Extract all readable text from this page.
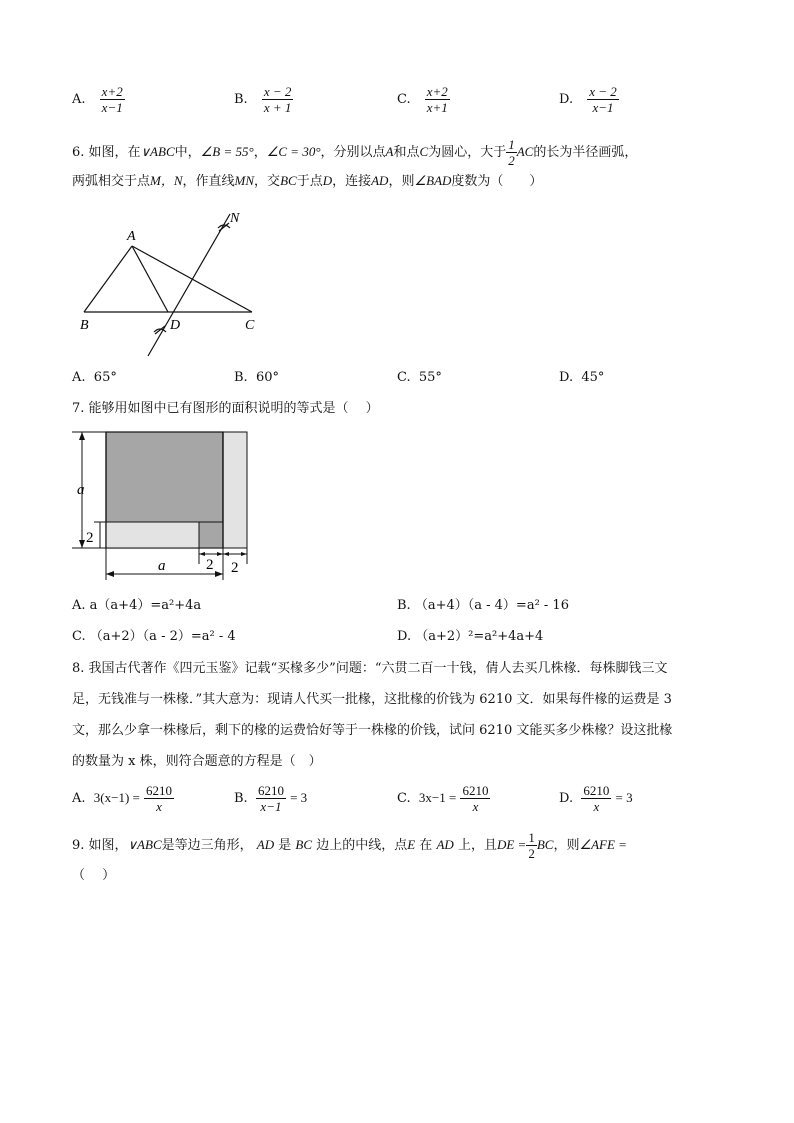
A. $\frac{x+2}{x-1}$	B. $\frac{x - 2}{x + 1}$	C. $\frac{x+2}{x+1}$	D. $\frac{x - 2}{x-1}$
6. 如图，在∨ABC中，∠B = 55°，∠C = 30°，分别以点A和点C为圆心，大于 $\frac{1}{2}$ AC的长为半径画弧，
两弧相交于点M，N，作直线MN，交BC于点D，连接AD，则∠BAD度数为（　　）
A
B	C
D
N
A. 65°	B. 60°	C. 55°	D. 45°
7. 能够用如图中已有图形的面积说明的等式是（　 ）
a
2
2 2
a
A. a（a+4）=a²+4a	B. （a+4）（a - 4）=a² - 16
C. （a+2）（a - 2）=a² - 4	D. （a+2）²=a²+4a+4
8. 我国古代著作《四元玉鉴》记载“买椽多少”问题：“六贯二百一十钱，倩人去买几株椽．每株脚钱三文
足，无钱准与一株椽．”其大意为：现请人代买一批椽，这批椽的价钱为 6210 文．如果每件椽的运费是 3
文，那么少拿一株椽后，剩下的椽的运费恰好等于一株椽的价钱，试问 6210 文能买多少株椽？设这批椽
的数量为 x 株，则符合题意的方程是（　）
A. $3(x-1) = \frac{6210}{x}$	B. $\frac{6210}{x-1} = 3$	C. $3x-1 = \frac{6210}{x}$	D. $\frac{6210}{x} = 3$
9. 如图，∨ABC是等边三角形， AD 是 BC 边上的中线，点E 在 AD 上，且DE = $\frac{1}{2}$ BC，则∠AFE =
（　 ）
